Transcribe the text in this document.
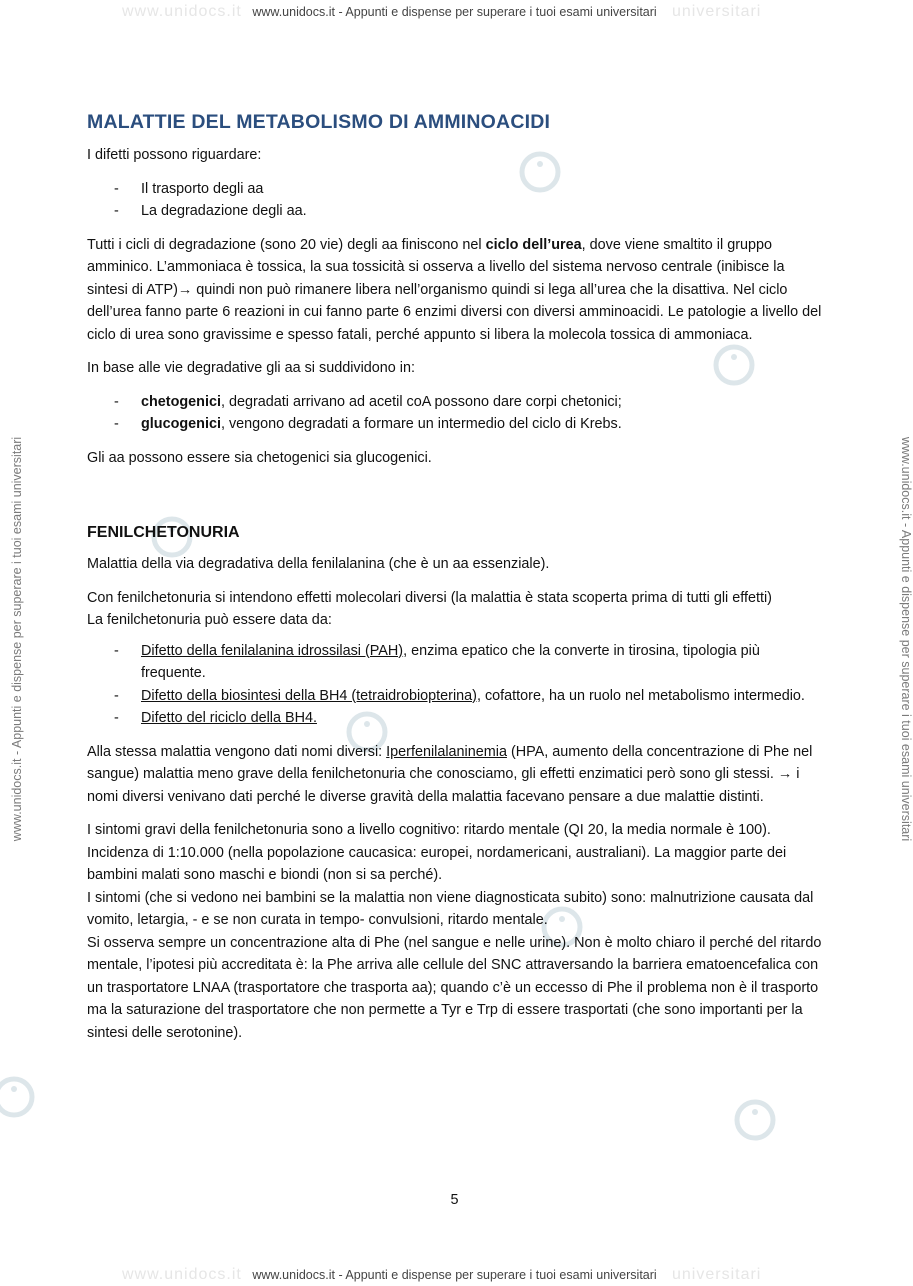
www.unidocs.it	universitari
www.unidocs.it - Appunti e dispense per superare i tuoi esami universitari
www.unidocs.it	universitari
www.unidocs.it - Appunti e dispense per superare i tuoi esami universitari
www.unidocs.it - Appunti e dispense per superare i tuoi esami universitari	www.unidocs.it - Appunti e dispense per superare i tuoi esami universitari
MALATTIE DEL METABOLISMO DI AMMINOACIDI

I difetti possono riguardare:

- Il trasporto degli aa
- La degradazione degli aa.

Tutti i cicli di degradazione (sono 20 vie) degli aa finiscono nel ciclo dell’urea, dove viene smaltito il gruppo amminico. L’ammoniaca è tossica, la sua tossicità si osserva a livello del sistema nervoso centrale (inibisce la sintesi di ATP)→ quindi non può rimanere libera nell’organismo quindi si lega all’urea che la disattiva. Nel ciclo dell’urea fanno parte 6 reazioni in cui fanno parte 6 enzimi diversi con diversi amminoacidi. Le patologie a livello del ciclo di urea sono gravissime e spesso fatali, perché appunto si libera la molecola tossica di ammoniaca.

In base alle vie degradative gli aa si suddividono in:

- chetogenici, degradati arrivano ad acetil coA possono dare corpi chetonici;
- glucogenici, vengono degradati a formare un intermedio del ciclo di Krebs.

Gli aa possono essere sia chetogenici sia glucogenici.

FENILCHETONURIA

Malattia della via degradativa della fenilalanina (che è un aa essenziale).

Con fenilchetonuria si intendono effetti molecolari diversi (la malattia è stata scoperta prima di tutti gli effetti)
La fenilchetonuria può essere data da:

- Difetto della fenilalanina idrossilasi (PAH), enzima epatico che la converte in tirosina, tipologia più frequente.
- Difetto della biosintesi della BH4 (tetraidrobiopterina), cofattore, ha un ruolo nel metabolismo intermedio.
- Difetto del riciclo della BH4.

Alla stessa malattia vengono dati nomi diversi: Iperfenilalaninemia (HPA, aumento della concentrazione di Phe nel sangue) malattia meno grave della fenilchetonuria che conosciamo, gli effetti enzimatici però sono gli stessi. → i nomi diversi venivano dati perché le diverse gravità della malattia facevano pensare a due malattie distinti.

I sintomi gravi della fenilchetonuria sono a livello cognitivo: ritardo mentale (QI 20, la media normale è 100). Incidenza di 1:10.000 (nella popolazione caucasica: europei, nordamericani, australiani). La maggior parte dei bambini malati sono maschi e biondi (non si sa perché).
I sintomi (che si vedono nei bambini se la malattia non viene diagnosticata subito) sono: malnutrizione causata dal vomito, letargia, - e se non curata in tempo- convulsioni, ritardo mentale.
Si osserva sempre un concentrazione alta di Phe (nel sangue e nelle urine). Non è molto chiaro il perché del ritardo mentale, l’ipotesi più accreditata è: la Phe arriva alle cellule del SNC attraversando la barriera ematoencefalica con un trasportatore LNAA (trasportatore che trasporta aa); quando c’è un eccesso di Phe il problema non è il trasporto ma la saturazione del trasportatore che non permette a Tyr e Trp di essere trasportati (che sono importanti per la sintesi delle serotonine).

5
